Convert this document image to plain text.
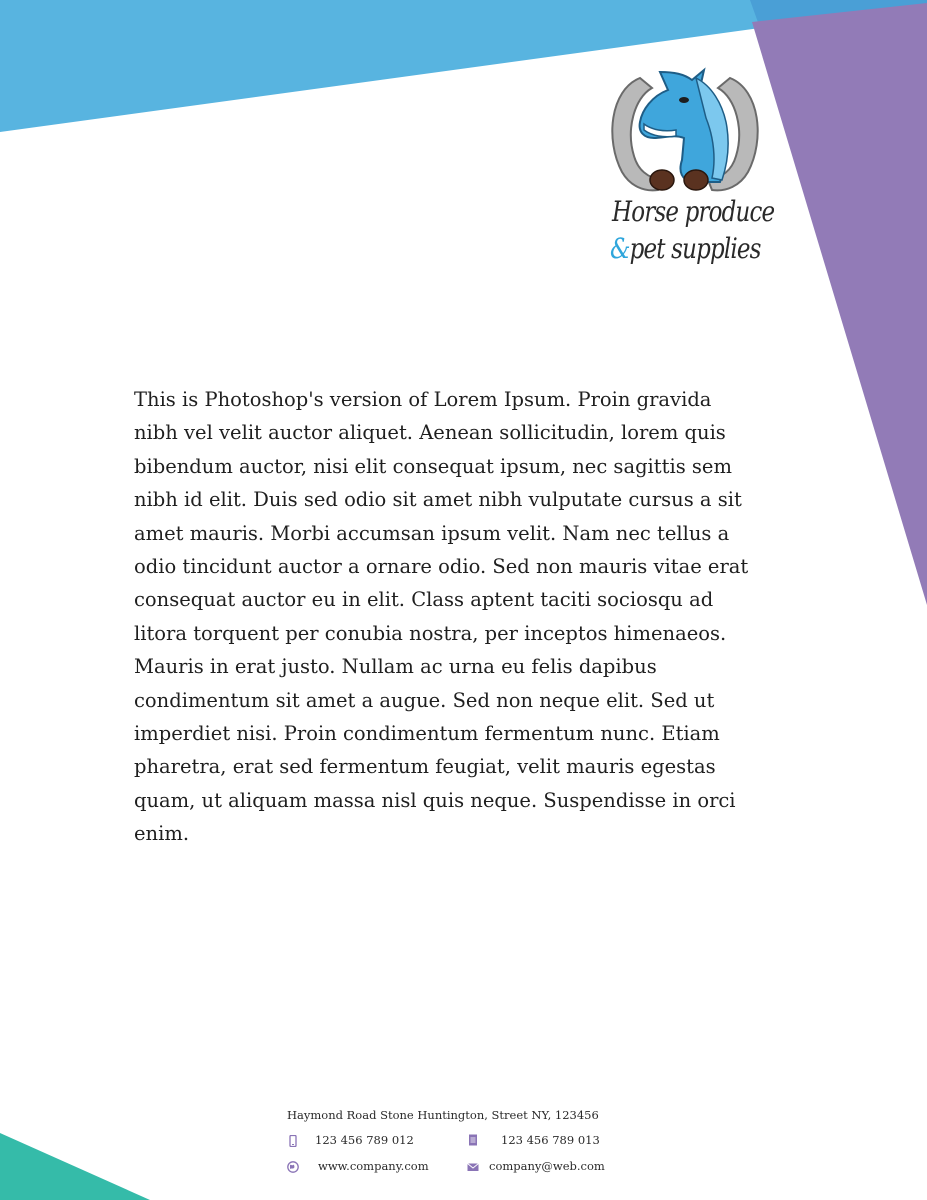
Horse produce
&pet supplies
This is Photoshop's version of Lorem Ipsum. Proin gravida
nibh vel velit auctor aliquet. Aenean sollicitudin, lorem quis
bibendum auctor, nisi elit consequat ipsum, nec sagittis sem
nibh id elit. Duis sed odio sit amet nibh vulputate cursus a sit
amet mauris. Morbi accumsan ipsum velit. Nam nec tellus a
odio tincidunt auctor a ornare odio. Sed non mauris vitae erat
consequat auctor eu in elit. Class aptent taciti sociosqu ad
litora torquent per conubia nostra, per inceptos himenaeos.
Mauris in erat justo. Nullam ac urna eu felis dapibus
condimentum sit amet a augue. Sed non neque elit. Sed ut
imperdiet nisi. Proin condimentum fermentum nunc. Etiam
pharetra, erat sed fermentum feugiat, velit mauris egestas
quam, ut aliquam massa nisl quis neque. Suspendisse in orci
enim.
Haymond Road Stone Huntington, Street NY, 123456
123 456 789 012	123 456 789 013
www.company.com	company@web.com
